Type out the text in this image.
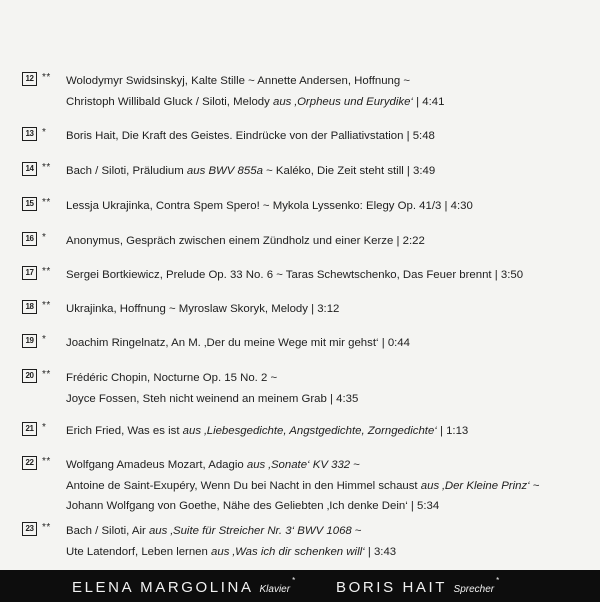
12 ** Wolodymyr Swidsinskyj, Kalte Stille ~ Annette Andersen, Hoffnung ~
Christoph Willibald Gluck / Siloti, Melody aus ‚Orpheus und Eurydike‘ | 4:41
13 * Boris Hait, Die Kraft des Geistes. Eindrücke von der Palliativstation | 5:48
14 ** Bach / Siloti, Präludium aus BWV 855a ~ Kaléko, Die Zeit steht still | 3:49
15 ** Lessja Ukrajinka, Contra Spem Spero! ~ Mykola Lyssenko: Elegy Op. 41/3 | 4:30
16 * Anonymus, Gespräch zwischen einem Zündholz und einer Kerze | 2:22
17 ** Sergei Bortkiewicz, Prelude Op. 33 No. 6 ~ Taras Schewtschenko, Das Feuer brennt | 3:50
18 ** Ukrajinka, Hoffnung ~ Myroslaw Skoryk, Melody | 3:12
19 * Joachim Ringelnatz, An M. ‚Der du meine Wege mit mir gehst‘ | 0:44
20 ** Frédéric Chopin, Nocturne Op. 15 No. 2 ~
Joyce Fossen, Steh nicht weinend an meinem Grab | 4:35
21 * Erich Fried, Was es ist aus ‚Liebesgedichte, Angstgedichte, Zorngedichte‘ | 1:13
22 ** Wolfgang Amadeus Mozart, Adagio aus ‚Sonate‘ KV 332 ~
Antoine de Saint-Exupéry, Wenn Du bei Nacht in den Himmel schaust aus ‚Der Kleine Prinz‘ ~
Johann Wolfgang von Goethe, Nähe des Geliebten ‚Ich denke Dein‘ | 5:34
23 ** Bach / Siloti, Air aus ‚Suite für Streicher Nr. 3‘ BWV 1068 ~
Ute Latendorf, Leben lernen aus ‚Was ich dir schenken will‘ | 3:43
ELENA MARGOLINA Klavier*	BORIS HAIT Sprecher*
